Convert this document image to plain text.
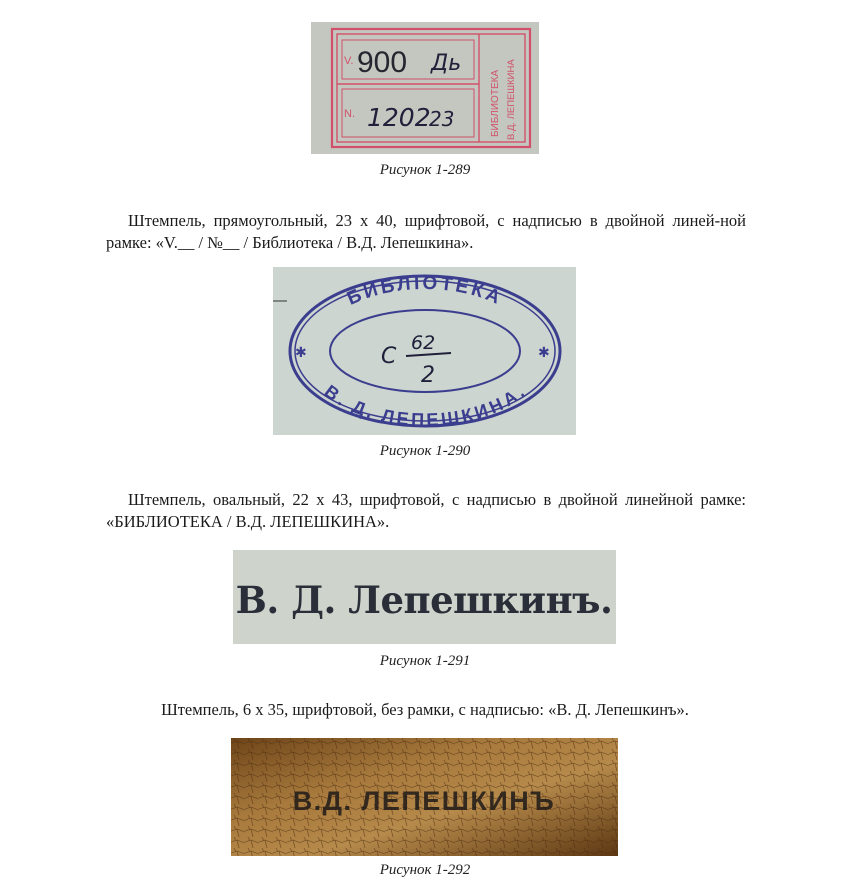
V. 900 Дь
N. 1202
23	БИБЛИОТЕКА В.Д. ЛЕПЕШКИНА
Рисунок 1-289
Штемпель, прямоугольный, 23 х 40, шрифтовой, с надписью в двойной линей-ной рамке: «V.__ / №__ / Библиотека / В.Д. Лепешкина».
БИБЛІОТЕКА
В. Д. ЛЕПЕШКИНА.
✱	✱
С
62
2
Рисунок 1-290
Штемпель, овальный, 22 х 43, шрифтовой, с надписью в двойной линейной рамке: «БИБЛИОТЕКА / В.Д. ЛЕПЕШКИНА».
В. Д. Лепешкинъ.
Рисунок 1-291
Штемпель, 6 х 35, шрифтовой, без рамки, с надписью: «В. Д. Лепешкинъ».
В.Д. ЛЕПЕШКИНЪ
Рисунок 1-292
